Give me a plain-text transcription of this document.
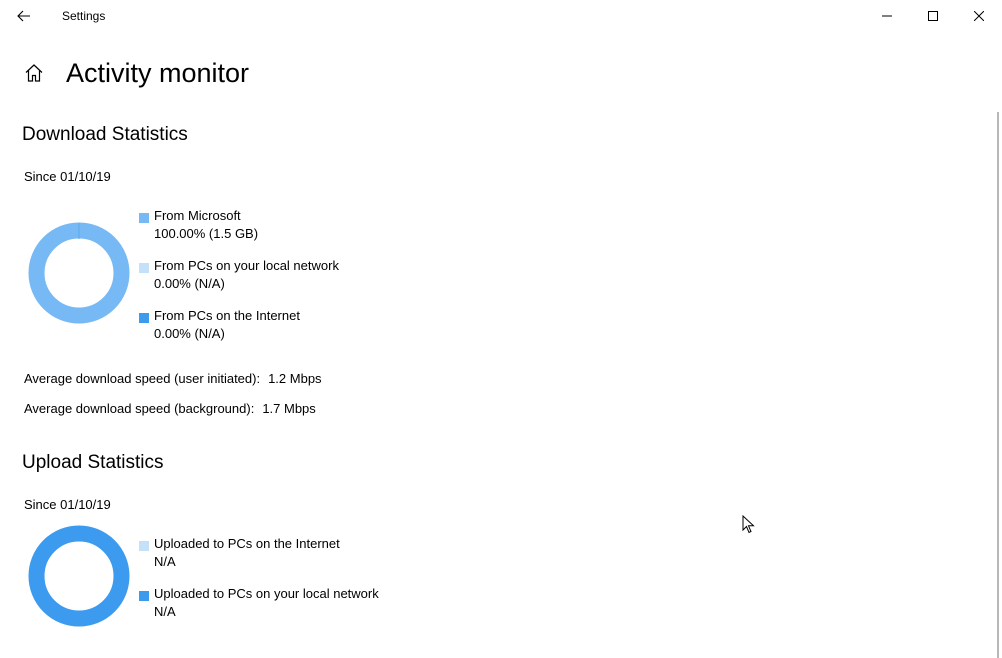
Settings
Activity monitor
Download Statistics
Since 01/10/19
From Microsoft
100.00% (1.5 GB)
From PCs on your local network
0.00% (N/A)
From PCs on the Internet
0.00% (N/A)
Average download speed (user initiated): 1.2 Mbps
Average download speed (background): 1.7 Mbps
Upload Statistics
Since 01/10/19
Uploaded to PCs on the Internet
N/A
Uploaded to PCs on your local network
N/A
